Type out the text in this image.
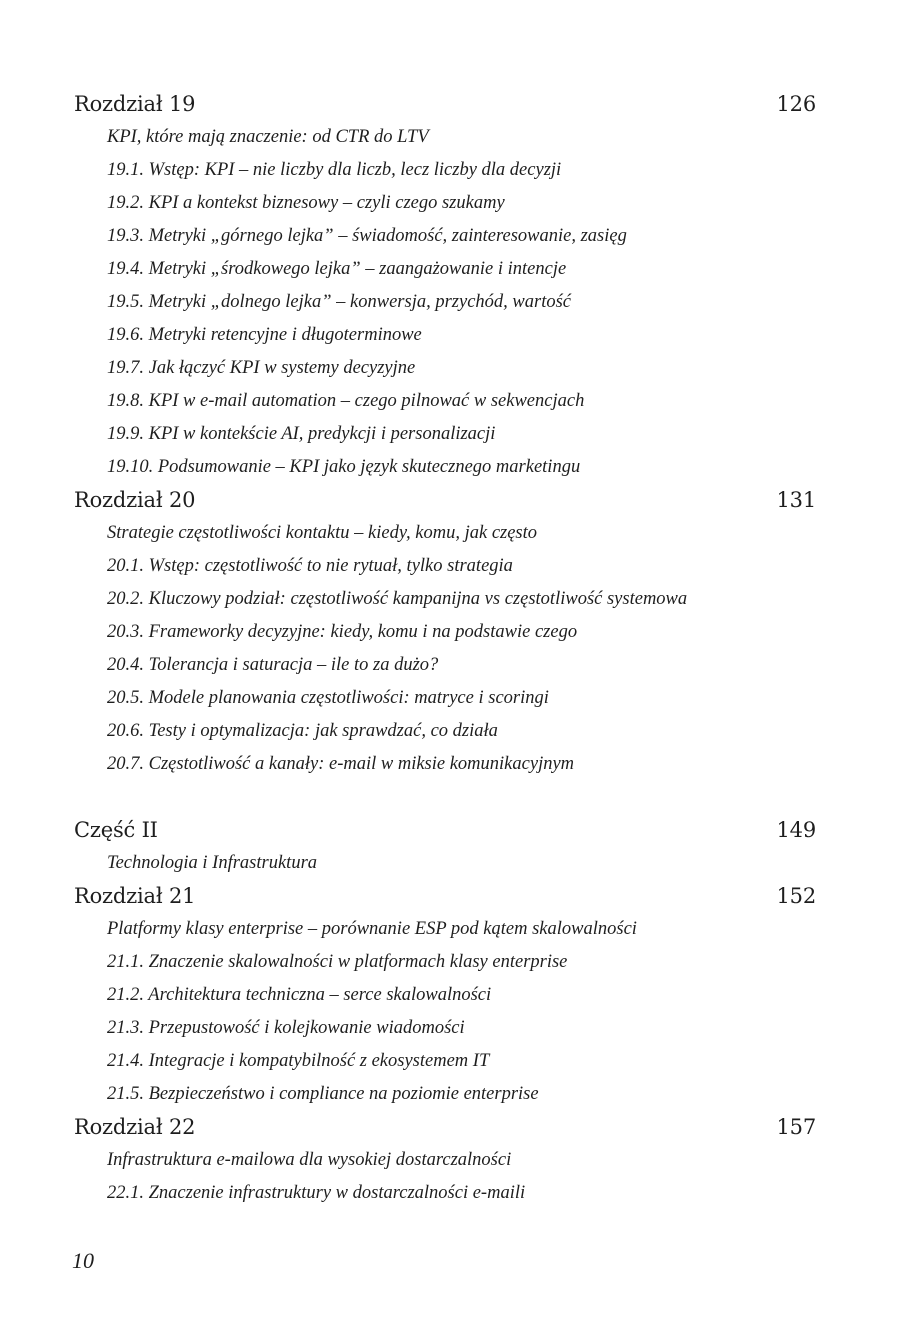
Rozdział 19	126
KPI, które mają znaczenie: od CTR do LTV
19.1. Wstęp: KPI – nie liczby dla liczb, lecz liczby dla decyzji
19.2. KPI a kontekst biznesowy – czyli czego szukamy
19.3. Metryki „górnego lejka” – świadomość, zainteresowanie, zasięg
19.4. Metryki „środkowego lejka” – zaangażowanie i intencje
19.5. Metryki „dolnego lejka” – konwersja, przychód, wartość
19.6. Metryki retencyjne i długoterminowe
19.7. Jak łączyć KPI w systemy decyzyjne
19.8. KPI w e-mail automation – czego pilnować w sekwencjach
19.9. KPI w kontekście AI, predykcji i personalizacji
19.10. Podsumowanie – KPI jako język skutecznego marketingu
Rozdział 20	131
Strategie częstotliwości kontaktu – kiedy, komu, jak często
20.1. Wstęp: częstotliwość to nie rytuał, tylko strategia
20.2. Kluczowy podział: częstotliwość kampanijna vs częstotliwość systemowa
20.3. Frameworky decyzyjne: kiedy, komu i na podstawie czego
20.4. Tolerancja i saturacja – ile to za dużo?
20.5. Modele planowania częstotliwości: matryce i scoringi
20.6. Testy i optymalizacja: jak sprawdzać, co działa
20.7. Częstotliwość a kanały: e-mail w miksie komunikacyjnym
Część II	149
Technologia i Infrastruktura
Rozdział 21	152
Platformy klasy enterprise – porównanie ESP pod kątem skalowalności
21.1. Znaczenie skalowalności w platformach klasy enterprise
21.2. Architektura techniczna – serce skalowalności
21.3. Przepustowość i kolejkowanie wiadomości
21.4. Integracje i kompatybilność z ekosystemem IT
21.5. Bezpieczeństwo i compliance na poziomie enterprise
Rozdział 22	157
Infrastruktura e-mailowa dla wysokiej dostarczalności
22.1. Znaczenie infrastruktury w dostarczalności e-maili
10
